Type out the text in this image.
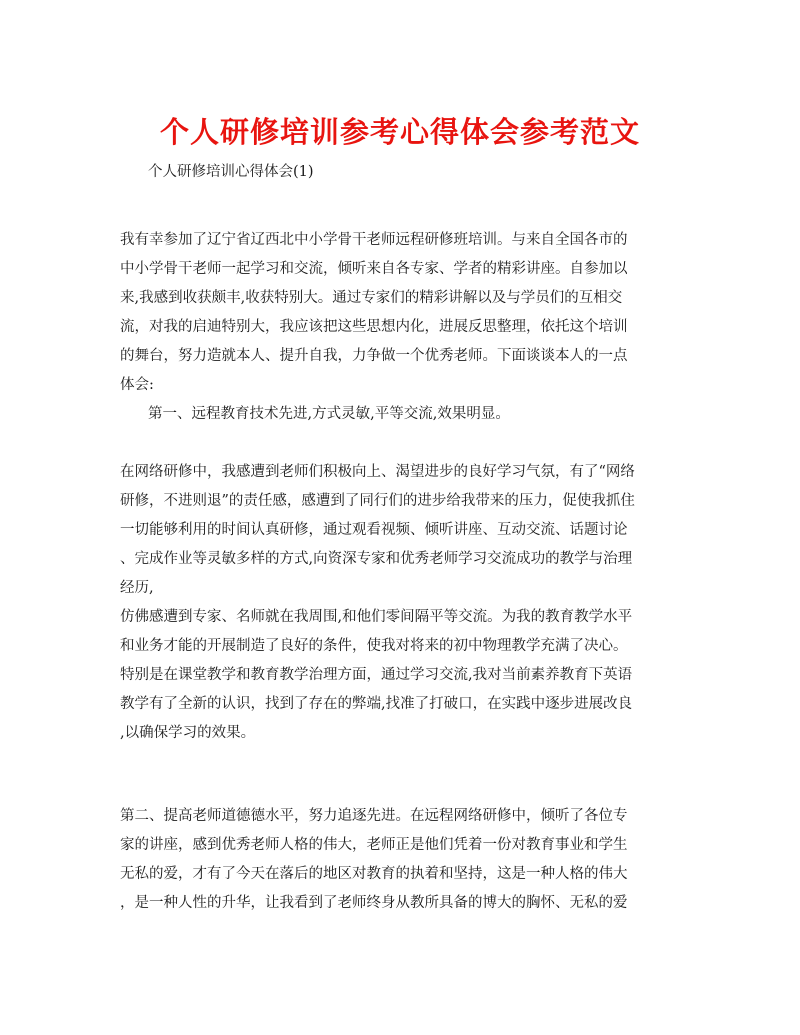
个人研修培训参考心得体会参考范文

个人研修培训心得体会(1)

我有幸参加了辽宁省辽西北中小学骨干老师远程研修班培训。与来自全国各市的
中小学骨干老师一起学习和交流，倾听来自各专家、学者的精彩讲座。自参加以
来,我感到收获颇丰,收获特别大。通过专家们的精彩讲解以及与学员们的互相交
流，对我的启迪特别大，我应该把这些思想内化，进展反思整理，依托这个培训
的舞台，努力造就本人、提升自我，力争做一个优秀老师。下面谈谈本人的一点
体会:
第一、远程教育技术先进,方式灵敏,平等交流,效果明显。
在网络研修中，我感遭到老师们积极向上、渴望进步的良好学习气氛，有了“网络
研修，不进则退”的责任感，感遭到了同行们的进步给我带来的压力，促使我抓住
一切能够利用的时间认真研修，通过观看视频、倾听讲座、互动交流、话题讨论
、完成作业等灵敏多样的方式,向资深专家和优秀老师学习交流成功的教学与治理
经历,
仿佛感遭到专家、名师就在我周围,和他们零间隔平等交流。为我的教育教学水平
和业务才能的开展制造了良好的条件，使我对将来的初中物理教学充满了决心。
特别是在课堂教学和教育教学治理方面，通过学习交流,我对当前素养教育下英语
教学有了全新的认识，找到了存在的弊端,找准了打破口，在实践中逐步进展改良
,以确保学习的效果。
第二、提高老师道德德水平，努力追逐先进。在远程网络研修中，倾听了各位专
家的讲座，感到优秀老师人格的伟大，老师正是他们凭着一份对教育事业和学生
无私的爱，才有了今天在落后的地区对教育的执着和坚持，这是一种人格的伟大
，是一种人性的升华，让我看到了老师终身从教所具备的博大的胸怀、无私的爱
